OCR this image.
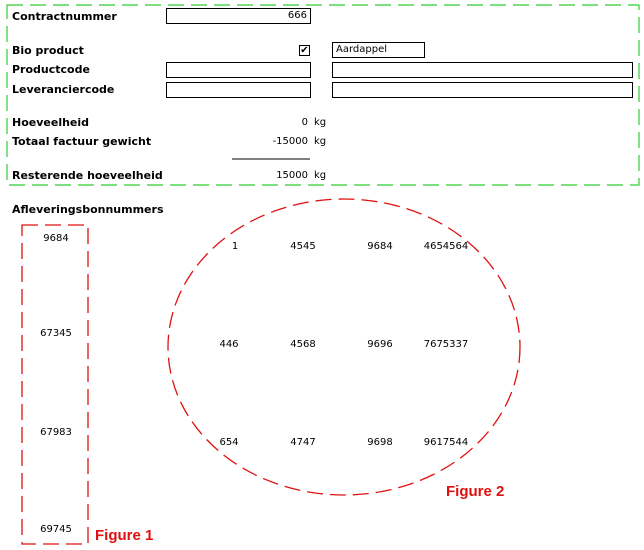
Contractnummer	666
Bio product	✔	Aardappel
Productcode
Leveranciercode
Hoeveelheid	0 kg
Totaal factuur gewicht	-15000 kg
Resterende hoeveelheid	15000 kg
Afleveringsbonnummers
9684
67345
67983
69745	Figure 1
1	4545	9684	4654564
446	4568	9696	7675337
654	4747	9698	9617544
Figure 2
